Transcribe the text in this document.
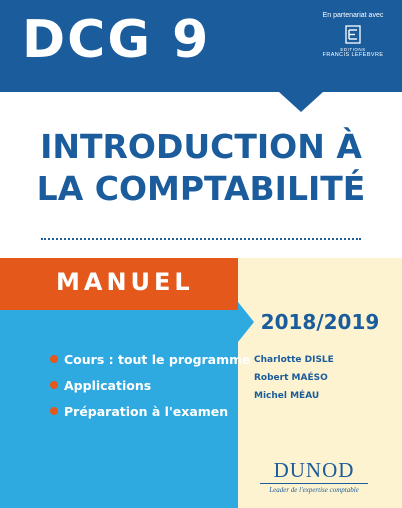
DCG 9	En partenariat avec
EDITIONS
FRANCIS LEFEBVRE
INTRODUCTION À
LA COMPTABILITÉ
MANUEL
Cours : tout le programme
Applications
Préparation à l'examen
2018/2019
Charlotte DISLE
Robert MAÉSO
Michel MÉAU
DUNOD
Leader de l'expertise comptable
